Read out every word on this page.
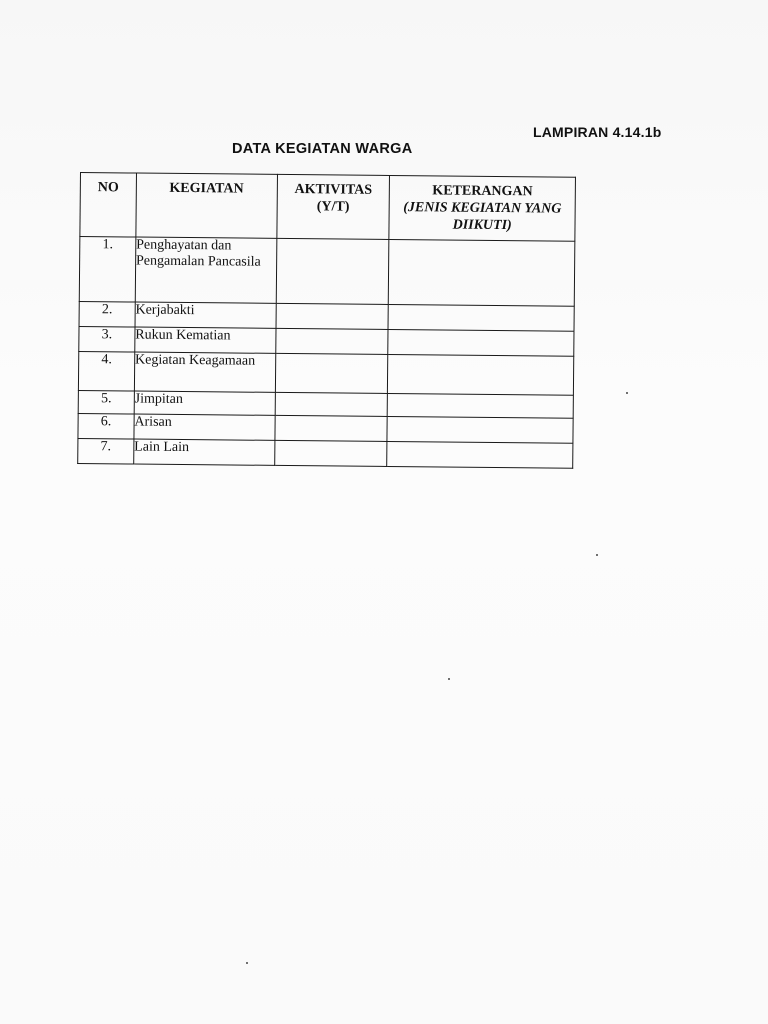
LAMPIRAN 4.14.1b
DATA KEGIATAN WARGA
NO	KEGIATAN	AKTIVITAS (Y/T)	KETERANGAN
(JENIS KEGIATAN YANG DIIKUTI)

1.	Penghayatan dan Pengamalan Pancasila		
2.	Kerjabakti		
3.	Rukun Kematian		
4.	Kegiatan Keagamaan		
5.	Jimpitan		
6.	Arisan		
7.	Lain Lain		
